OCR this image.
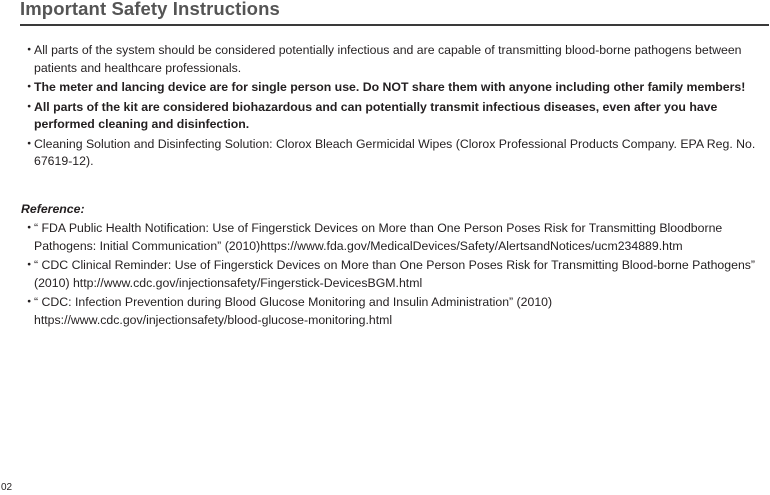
Important Safety Instructions
・
All parts of the system should be considered potentially infectious and are capable of transmitting blood-borne pathogens between patients and healthcare professionals.
・
The meter and lancing device are for single person use. Do NOT share them with anyone including other family members!
・
All parts of the kit are considered biohazardous and can potentially transmit infectious diseases, even after you have performed cleaning and disinfection.
・
Cleaning Solution and Disinfecting Solution: Clorox Bleach Germicidal Wipes (Clorox Professional Products Company. EPA Reg. No. 67619-12).
Reference:
・
“ FDA Public Health Notification: Use of Fingerstick Devices on More than One Person Poses Risk for Transmitting Bloodborne Pathogens: Initial Communication” (2010)https://www.fda.gov/MedicalDevices/Safety/AlertsandNotices/ucm234889.htm
・
“ CDC Clinical Reminder: Use of Fingerstick Devices on More than One Person Poses Risk for Transmitting Blood-borne Pathogens” (2010) http://www.cdc.gov/injectionsafety/Fingerstick-DevicesBGM.html
・
“ CDC: Infection Prevention during Blood Glucose Monitoring and Insulin Administration” (2010) https://www.cdc.gov/injectionsafety/blood-glucose-monitoring.html
02
